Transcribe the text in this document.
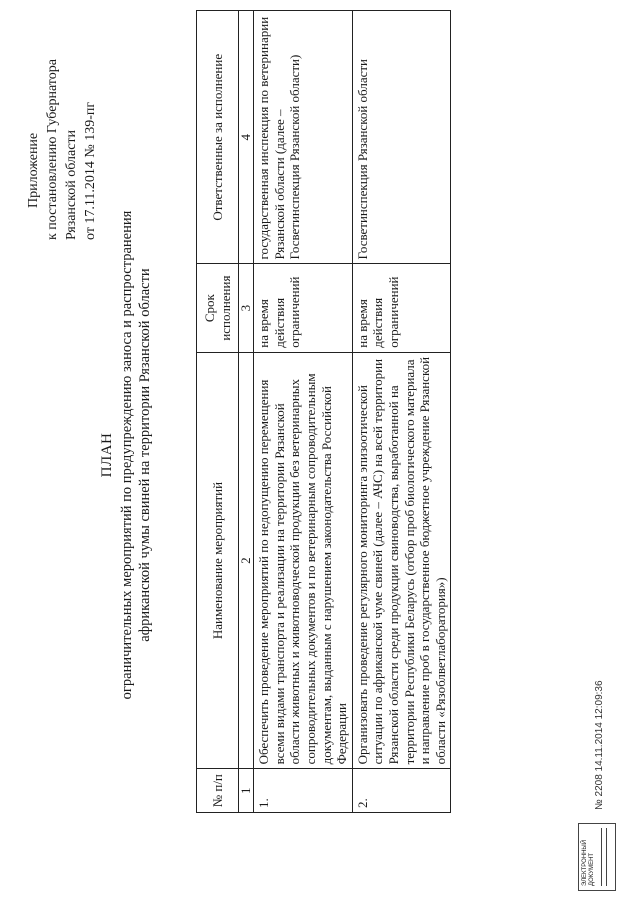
Приложение к постановлению Губернатора Рязанской области от 17.11.2014 № 139-пг
ПЛАН ограничительных мероприятий по предупреждению заноса и распространения африканской чумы свиней на территории Рязанской области
№ п/п	Наименование мероприятий	Срок исполнения	Ответственные за исполнение
1	2	3	4
1.	Обеспечить проведение мероприятий по недопущению перемещения всеми видами транспорта и реализации на территории Рязанской области животных и животноводческой продукции без ветеринарных сопроводительных документов и по ветеринарным сопроводительным документам, выданным с нарушением законодательства Российской Федерации	на время действия ограничений	государственная инспекция по ветеринарии Рязанской области (далее – Госветинспекция Рязанской области)
2.	Организовать проведение регулярного мониторинга эпизоотической ситуации по африканской чуме свиней (далее – АЧС) на всей территории Рязанской области среди продукции свиноводства, выработанной на территории Республики Беларусь (отбор проб биологического материала и направление проб в государственное бюджетное учреждение Рязанской области «Рязоблветлаборатория»)	на время действия ограничений	Госветинспекция Рязанской области
ЭЛЕКТРОННЫЙ ДОКУМЕНТ
№ 2208 14.11.2014 12:09:36
